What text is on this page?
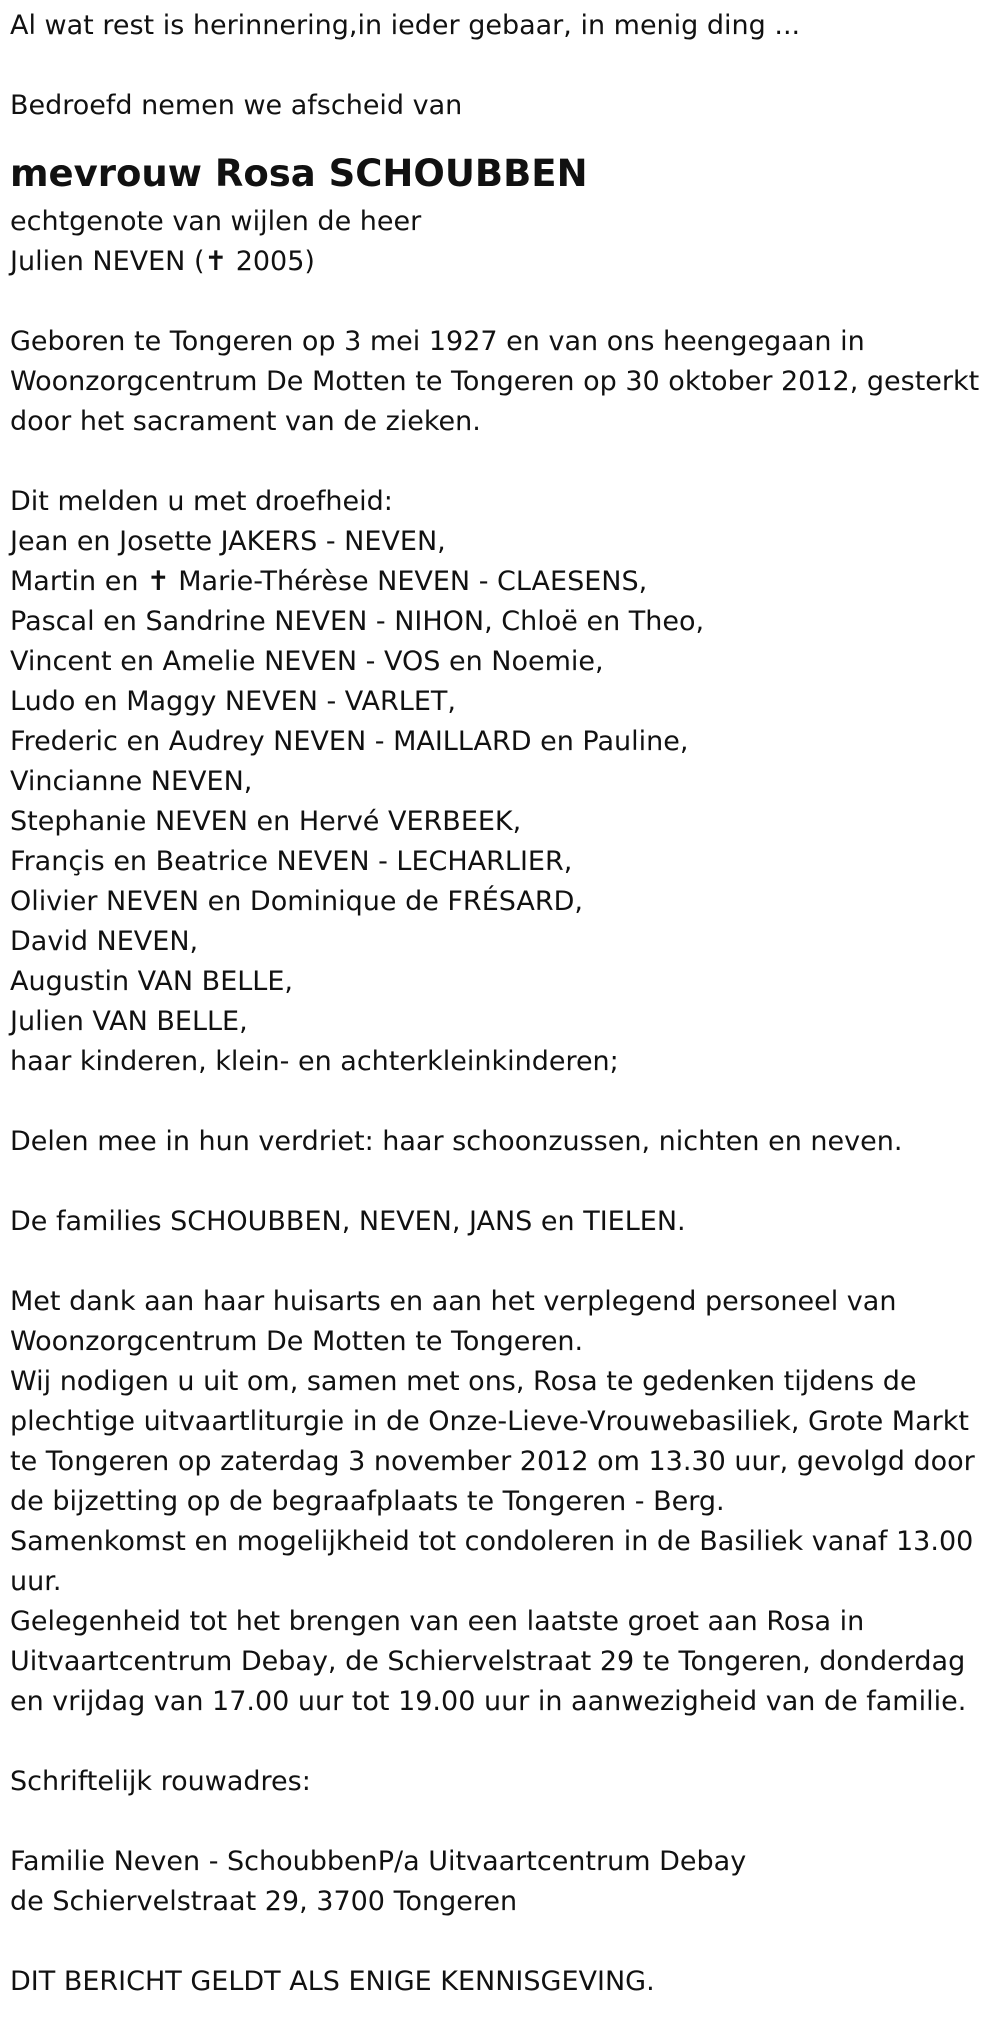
Al wat rest is herinnering,in ieder gebaar, in menig ding ...

Bedroefd nemen we afscheid van

mevrouw Rosa SCHOUBBEN

echtgenote van wijlen de heer

Julien NEVEN (✝ 2005)

Geboren te Tongeren op 3 mei 1927 en van ons heengegaan in

Woonzorgcentrum De Motten te Tongeren op 30 oktober 2012, gesterkt

door het sacrament van de zieken.

Dit melden u met droefheid:

Jean en Josette JAKERS - NEVEN,

Martin en ✝ Marie-Thérèse NEVEN - CLAESENS,

Pascal en Sandrine NEVEN - NIHON, Chloë en Theo,

Vincent en Amelie NEVEN - VOS en Noemie,

Ludo en Maggy NEVEN - VARLET,

Frederic en Audrey NEVEN - MAILLARD en Pauline,

Vincianne NEVEN,

Stephanie NEVEN en Hervé VERBEEK,

Françis en Beatrice NEVEN - LECHARLIER,

Olivier NEVEN en Dominique de FRÉSARD,

David NEVEN,

Augustin VAN BELLE,

Julien VAN BELLE,

haar kinderen, klein- en achterkleinkinderen;

Delen mee in hun verdriet: haar schoonzussen, nichten en neven.

De families SCHOUBBEN, NEVEN, JANS en TIELEN.

Met dank aan haar huisarts en aan het verplegend personeel van

Woonzorgcentrum De Motten te Tongeren.

Wij nodigen u uit om, samen met ons, Rosa te gedenken tijdens de

plechtige uitvaartliturgie in de Onze-Lieve-Vrouwebasiliek, Grote Markt

te Tongeren op zaterdag 3 november 2012 om 13.30 uur, gevolgd door

de bijzetting op de begraafplaats te Tongeren - Berg.

Samenkomst en mogelijkheid tot condoleren in de Basiliek vanaf 13.00

uur.

Gelegenheid tot het brengen van een laatste groet aan Rosa in

Uitvaartcentrum Debay, de Schiervelstraat 29 te Tongeren, donderdag

en vrijdag van 17.00 uur tot 19.00 uur in aanwezigheid van de familie.

Schriftelijk rouwadres:

Familie Neven - SchoubbenP/a Uitvaartcentrum Debay

de Schiervelstraat 29, 3700 Tongeren

DIT BERICHT GELDT ALS ENIGE KENNISGEVING.
